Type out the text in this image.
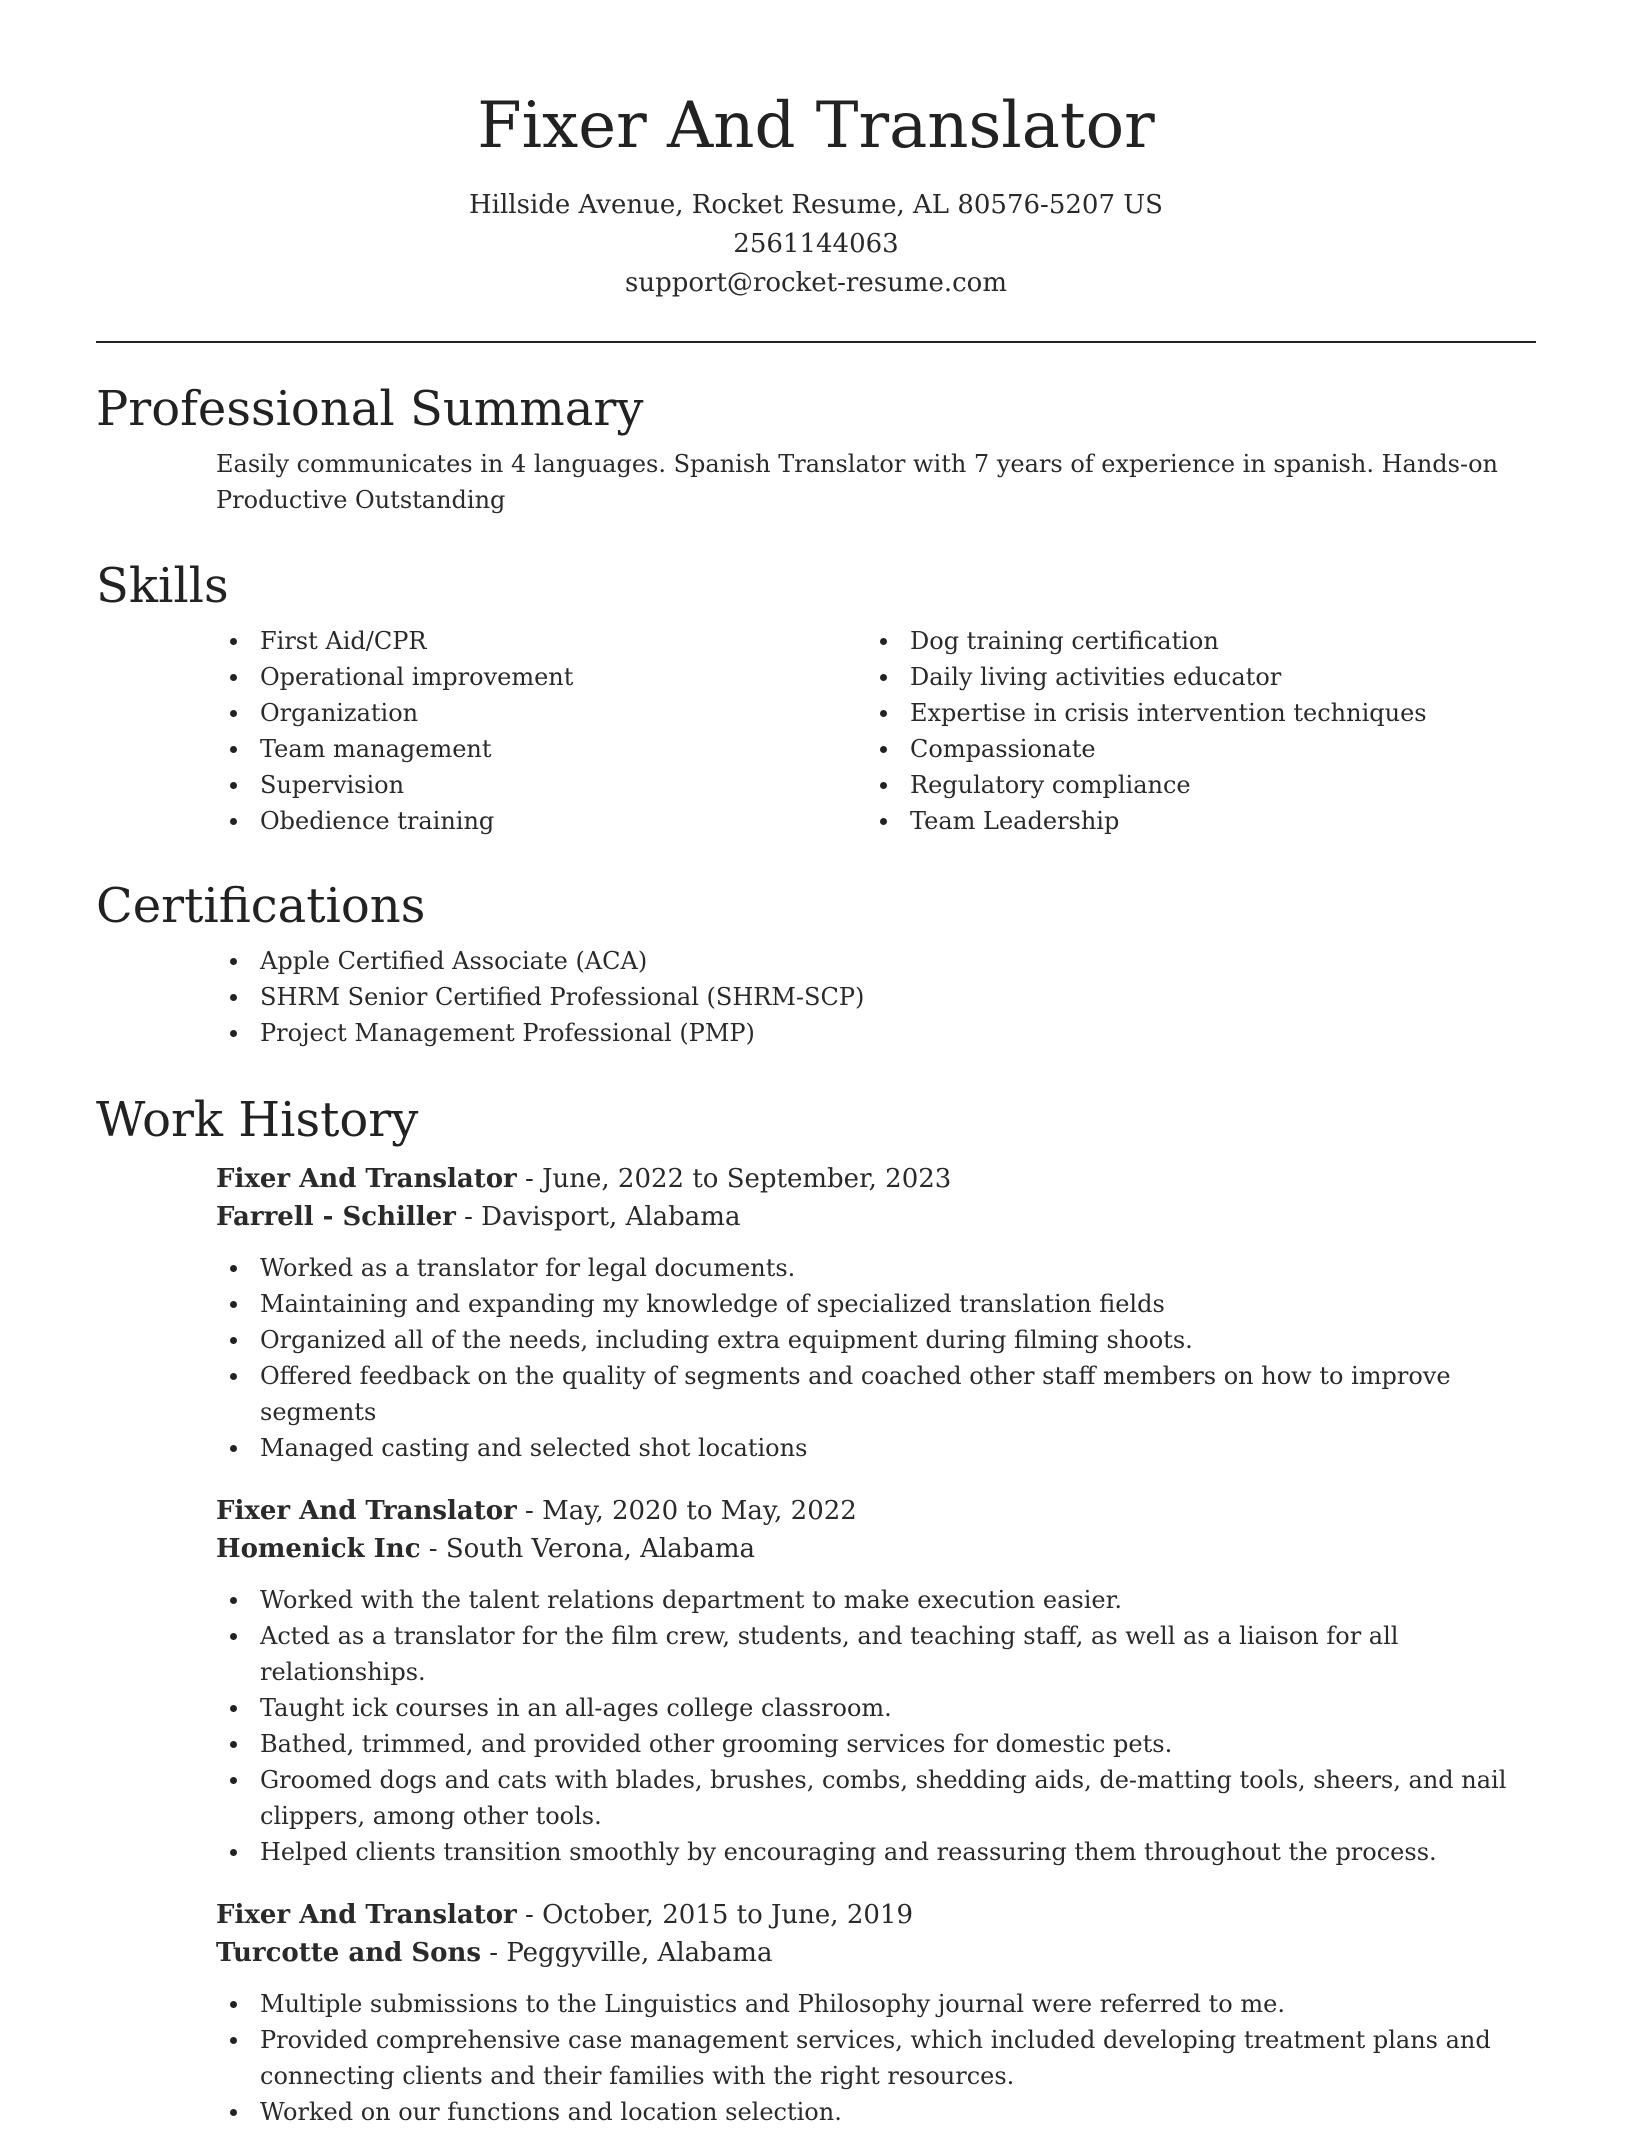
Fixer And Translator
Hillside Avenue, Rocket Resume, AL 80576-5207 US
2561144063
support@rocket-resume.com
Professional Summary
Easily communicates in 4 languages. Spanish Translator with 7 years of experience in spanish. Hands-on Productive Outstanding
Skills
First Aid/CPR
Operational improvement
Organization
Team management
Supervision
Obedience training
Dog training certification
Daily living activities educator
Expertise in crisis intervention techniques
Compassionate
Regulatory compliance
Team Leadership
Certifications
Apple Certified Associate (ACA)
SHRM Senior Certified Professional (SHRM-SCP)
Project Management Professional (PMP)
Work History
Fixer And Translator - June, 2022 to September, 2023
Farrell - Schiller - Davisport, Alabama
Worked as a translator for legal documents.
Maintaining and expanding my knowledge of specialized translation fields
Organized all of the needs, including extra equipment during filming shoots.
Offered feedback on the quality of segments and coached other staff members on how to improve segments
Managed casting and selected shot locations
Fixer And Translator - May, 2020 to May, 2022
Homenick Inc - South Verona, Alabama
Worked with the talent relations department to make execution easier.
Acted as a translator for the film crew, students, and teaching staff, as well as a liaison for all relationships.
Taught ick courses in an all-ages college classroom.
Bathed, trimmed, and provided other grooming services for domestic pets.
Groomed dogs and cats with blades, brushes, combs, shedding aids, de-matting tools, sheers, and nail clippers, among other tools.
Helped clients transition smoothly by encouraging and reassuring them throughout the process.
Fixer And Translator - October, 2015 to June, 2019
Turcotte and Sons - Peggyville, Alabama
Multiple submissions to the Linguistics and Philosophy journal were referred to me.
Provided comprehensive case management services, which included developing treatment plans and connecting clients and their families with the right resources.
Worked on our functions and location selection.
